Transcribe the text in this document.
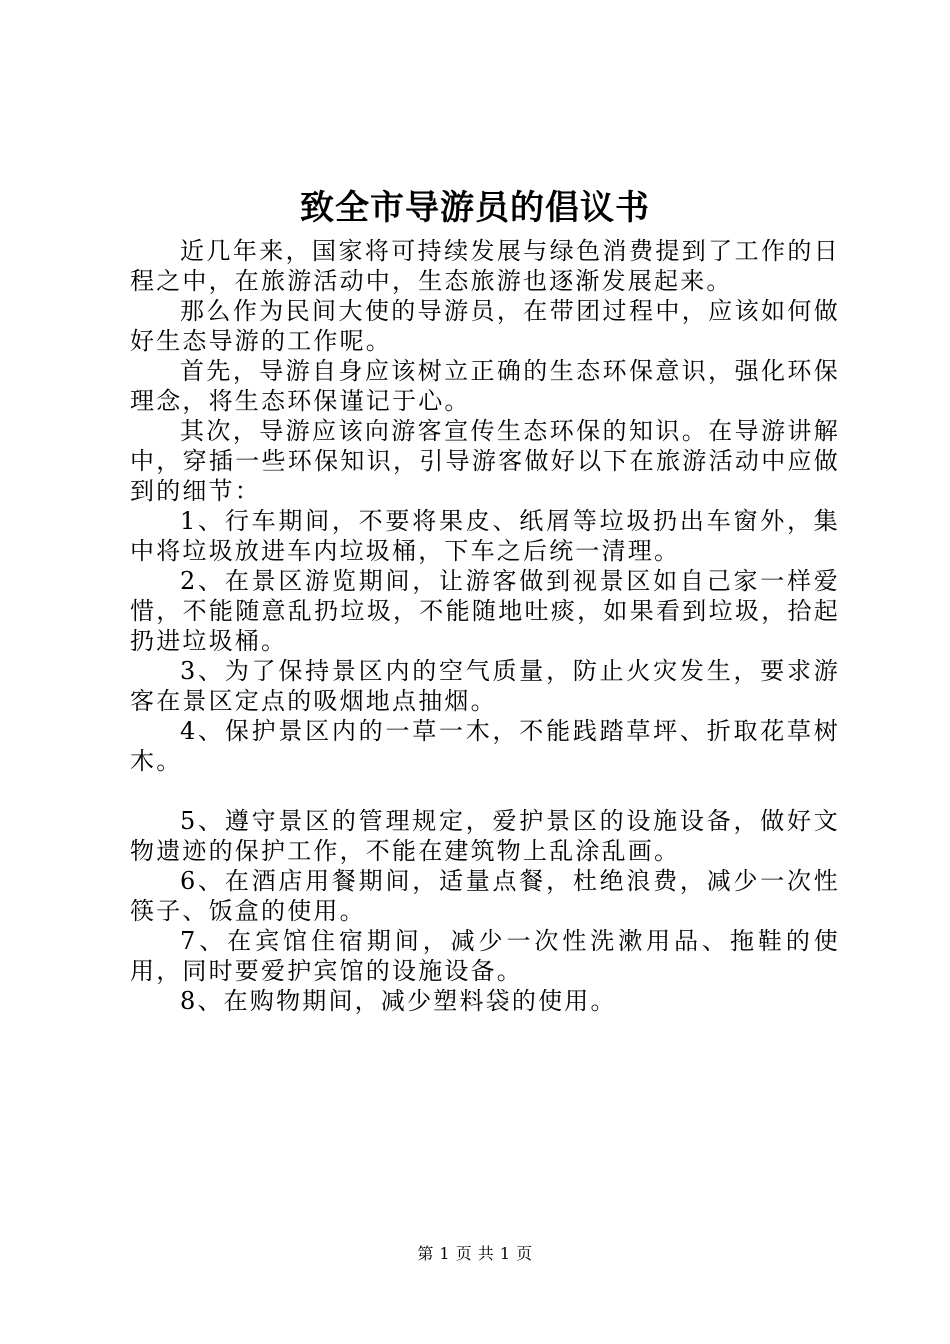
致全市导游员的倡议书

近几年来，国家将可持续发展与绿色消费提到了工作的日程之中，在旅游活动中，生态旅游也逐渐发展起来。

那么作为民间大使的导游员，在带团过程中，应该如何做好生态导游的工作呢。

首先，导游自身应该树立正确的生态环保意识，强化环保理念，将生态环保谨记于心。

其次，导游应该向游客宣传生态环保的知识。在导游讲解中，穿插一些环保知识，引导游客做好以下在旅游活动中应做到的细节：

1、行车期间，不要将果皮、纸屑等垃圾扔出车窗外，集中将垃圾放进车内垃圾桶，下车之后统一清理。

2、在景区游览期间，让游客做到视景区如自己家一样爱惜，不能随意乱扔垃圾，不能随地吐痰，如果看到垃圾，拾起扔进垃圾桶。

3、为了保持景区内的空气质量，防止火灾发生，要求游客在景区定点的吸烟地点抽烟。

4、保护景区内的一草一木，不能践踏草坪、折取花草树木。

5、遵守景区的管理规定，爱护景区的设施设备，做好文物遗迹的保护工作，不能在建筑物上乱涂乱画。

6、在酒店用餐期间，适量点餐，杜绝浪费，减少一次性筷子、饭盒的使用。

7、在宾馆住宿期间，减少一次性洗漱用品、拖鞋的使用，同时要爱护宾馆的设施设备。

8、在购物期间，减少塑料袋的使用。

第 1 页 共 1 页
